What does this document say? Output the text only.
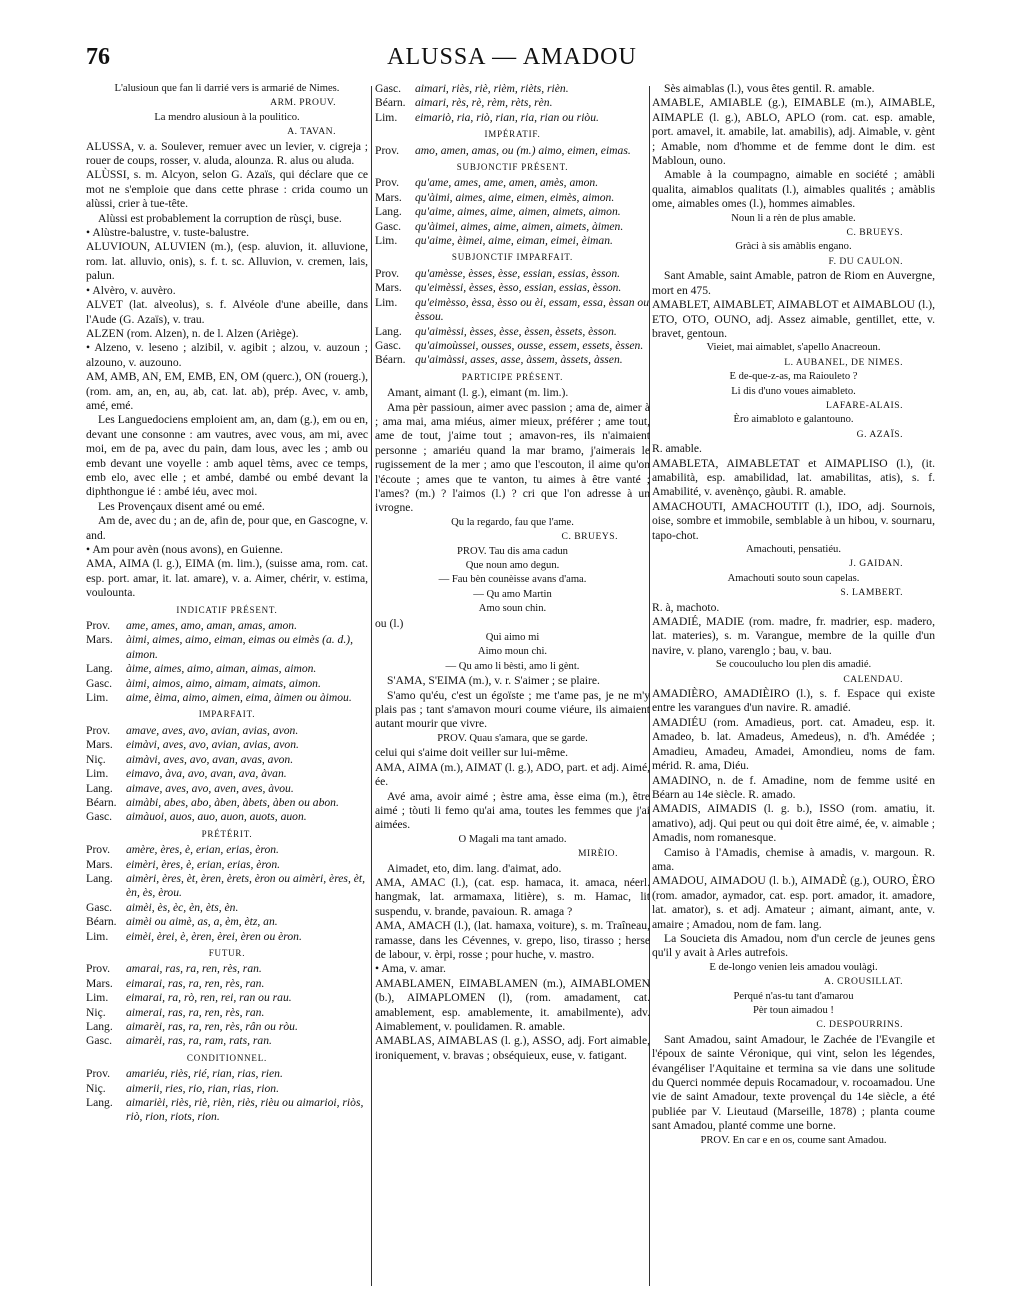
76	ALUSSA — AMADOU

L'alusioun que fan li darrié vers is armarié de Nimes.

ARM. PROUV.

La mendro alusioun à la poulitico.

A. TAVAN.

ALUSSA, v. a. Soulever, remuer avec un levier, v. cigreja ; rouer de coups, rosser, v. aluda, alounza. R. alus ou aluda.

ALÙSSI, s. m. Alcyon, selon G. Azaïs, qui déclare que ce mot ne s'emploie que dans cette phrase : crida coumo un alùssi, crier à tue-tête.

Alùssi est probablement la corruption de rùsçi, buse.

• Alùstre-balustre, v. tuste-balustre.

ALUVIOUN, ALUVIEN (m.), (esp. aluvion, it. alluvione, rom. lat. alluvio, onis), s. f. t. sc. Alluvion, v. cremen, lais, palun.

• Alvèro, v. auvèro.

ALVET (lat. alveolus), s. f. Alvéole d'une abeille, dans l'Aude (G. Azaïs), v. trau.

ALZEN (rom. Alzen), n. de l. Alzen (Ariège).

• Alzeno, v. leseno ; alzibil, v. agibit ; alzou, v. auzoun ; alzouno, v. auzouno.

AM, AMB, AN, EM, EMB, EN, OM (querc.), ON (rouerg.), (rom. am, an, en, au, ab, cat. lat. ab), prép. Avec, v. amb, amé, emé.

Les Languedociens emploient am, an, dam (g.), em ou en, devant une consonne : am vautres, avec vous, am mi, avec moi, em de pa, avec du pain, dam lous, avec les ; amb ou emb devant une voyelle : amb aquel tèms, avec ce temps, emb elo, avec elle ; et ambé, dambé ou embé devant la diphthongue ié : ambé iéu, avec moi.

Les Provençaux disent amé ou emé.

Am de, avec du ; an de, afin de, pour que, en Gascogne, v. and.

• Am pour avèn (nous avons), en Guienne.

AMA, AIMA (l. g.), EIMA (m. lim.), (suisse ama, rom. cat. esp. port. amar, it. lat. amare), v. a. Aimer, chérir, v. estima, voulounta.

INDICATIF PRÉSENT.

Prov.	ame, ames, amo, aman, amas, amon.
Mars.	àimi, aimes, aimo, eiman, eimas ou eimès (a. d.), aimon.
Lang.	àime, aimes, aimo, aiman, aimas, aimon.
Gasc.	àimi, aimos, aimo, aimam, aimats, aimon.
Lim.	aime, èima, aimo, aimen, eima, àimen ou àimou.

IMPARFAIT.

Prov.	amave, aves, avo, avian, avias, avon.
Mars.	eimàvi, aves, avo, avian, avias, avon.
Niç.	aimàvi, aves, avo, avan, avas, avon.
Lim.	eimavo, àva, avo, avan, ava, àvan.
Lang.	aimave, aves, avo, aven, aves, àvou.
Béarn. aimàbi, abes, abo, àben, àbets, àben ou abon.
Gasc.	aimàuoi, auos, auo, auon, auots, auon.

PRÉTÉRIT.

Prov.	amère, ères, è, erian, erias, èron.
Mars.	eimèri, ères, è, erian, erias, èron.
Lang.	aimèri, ères, èt, èren, èrets, èron ou aimèri, ères, èt, èn, ès, èrou.
Gasc.	aimèi, ès, èc, èn, èts, èn.
Béarn. aimèi ou aimè, as, a, èm, ètz, an.
Lim.	eimèi, èrei, è, èren, èrei, èren ou èron.

FUTUR.

Prov.	amarai, ras, ra, ren, rès, ran.
Mars.	eimarai, ras, ra, ren, rès, ran.
Lim.	eimarai, ra, rò, ren, rei, ran ou rau.
Niç.	aimerai, ras, ra, ren, rès, ran.
Lang.	aimarèi, ras, ra, ren, rès, rân ou ròu.
Gasc.	aimarèi, ras, ra, ram, rats, ran.

CONDITIONNEL.

Prov.	amariéu, riès, rié, rian, rias, rien.
Niç.	aimerii, ries, rio, rian, rias, rion.
Lang.	aimarièi, riès, riè, rièn, riès, rièu ou aimarioi, riòs, riò, rion, riots, rion.
Gasc.	aimari, riès, riè, rièm, rièts, rièn.
Béarn. aimari, rès, rè, rèm, rèts, rèn.
Lim.	eimariò, ria, riò, rian, ria, rian ou riòu.

IMPÉRATIF.

Prov.	amo, amen, amas, ou (m.) aimo, eimen, eimas.

SUBJONCTIF PRÉSENT.

Prov.	qu'ame, ames, ame, amen, amès, amon.
Mars.	qu'àimi, aimes, aime, eimen, eimès, aimon.
Lang.	qu'aime, aimes, aime, aimen, aimets, aimon.
Gasc.	qu'àimei, aimes, aime, aimen, aimets, àimen.
Lim.	qu'aime, èimei, aime, eiman, eimei, èiman.

SUBJONCTIF IMPARFAIT.

Prov.	qu'amèsse, èsses, èsse, essian, essias, èsson.
Mars.	qu'eimèssi, èsses, èsso, essian, essias, èsson.
Lim.	qu'eimèsso, èssa, èsso ou èi, essam, essa, èssan ou èssou.
Lang.	qu'aimèssi, èsses, èsse, èssen, èssets, èsson.
Gasc.	qu'aimoùssei, ousses, ousse, essem, essets, èssen.
Béarn. qu'aimàssi, asses, asse, àssem, àssets, àssen.

PARTICIPE PRÉSENT.

Amant, aimant (l. g.), eimant (m. lim.).

Ama pèr passioun, aimer avec passion ; ama de, aimer à ; ama mai, ama miéus, aimer mieux, préférer ; ame tout, ame de tout, j'aime tout ; amavon-res, ils n'aimaient personne ; amariéu quand la mar bramo, j'aimerais le rugissement de la mer ; amo que l'escouton, il aime qu'on l'écoute ; ames que te vanton, tu aimes à être vanté ; l'ames? (m.) ? l'aimos (l.) ? cri que l'on adresse à un ivrogne.

Qu la regardo, fau que l'ame.

C. BRUEYS.

PROV. Tau dis ama cadun

Que noun amo degun.

— Fau bèn counèisse avans d'ama.

— Qu amo Martin

Amo soun chin.

ou (l.)

Qui aimo mi

Aimo moun chi.

— Qu amo li bèsti, amo li gènt.

S'AMA, S'EIMA (m.), v. r. S'aimer ; se plaire.

S'amo qu'éu, c'est un égoïste ; me t'ame pas, je ne m'y plais pas ; tant s'amavon mouri coume viéure, ils aimaient autant mourir que vivre.

PROV. Quau s'amara, que se garde.

celui qui s'aime doit veiller sur lui-même.

AMA, AIMA (m.), AIMAT (l. g.), ADO, part. et adj. Aimé, ée.

Avé ama, avoir aimé ; èstre ama, èsse eima (m.), être aimé ; tòuti li femo qu'ai ama, toutes les femmes que j'ai aimées.

O Magali ma tant amado.

MIRÈIO.

Aimadet, eto, dim. lang. d'aimat, ado.

AMA, AMAC (l.), (cat. esp. hamaca, it. amaca, néerl. hangmak, lat. armamaxa, litière), s. m. Hamac, lit suspendu, v. brande, pavaioun. R. amaga ?

AMA, AMACH (l.), (lat. hamaxa, voiture), s. m. Traîneau, ramasse, dans les Cévennes, v. grepo, liso, tirasso ; herse de labour, v. èrpi, rosse ; pour huche, v. mastro.

• Ama, v. amar.

AMABLAMEN, EIMABLAMEN (m.), AIMABLOMEN (b.), AIMAPLOMEN (l), (rom. amadament, cat. amablement, esp. amablemente, it. amabilmente), adv. Aimablement, v. poulidamen. R. amable.

AMABLAS, AIMABLAS (l. g.), ASSO, adj. Fort aimable, ironiquement, v. bravas ; obséquieux, euse, v. fatigant.

Sès aimablas (l.), vous êtes gentil. R. amable.

AMABLE, AMIABLE (g.), EIMABLE (m.), AIMABLE, AIMAPLE (l. g.), ABLO, APLO (rom. cat. esp. amable, port. amavel, it. amabile, lat. amabilis), adj. Aimable, v. gènt ; Amable, nom d'homme et de femme dont le dim. est Mabloun, ouno.

Amable à la coumpagno, aimable en société ; amàbli qualita, aimablos qualitats (l.), aimables qualités ; amàblis ome, aimables omes (l.), hommes aimables.

Noun li a rèn de plus amable.

C. BRUEYS.

Gràci à sis amàblis engano.

F. DU CAULON.

Sant Amable, saint Amable, patron de Riom en Auvergne, mort en 475.

AMABLET, AIMABLET, AIMABLOT et AIMABLOU (l.), ETO, OTO, OUNO, adj. Assez aimable, gentillet, ette, v. bravet, gentoun.

Vieiet, mai aimablet, s'apello Anacreoun.

L. AUBANEL, DE NIMES.

E de-que-z-as, ma Raiouleto ?

Li dis d'uno voues aimableto.

LAFARE-ALAIS.

Èro aimabloto e galantouno.

G. AZAÏS.

R. amable.

AMABLETA, AIMABLETAT et AIMAPLISO (l.), (it. amabilità, esp. amabilidad, lat. amabilitas, atis), s. f. Amabilité, v. avenènço, gàubi. R. amable.

AMACHOUTI, AMACHOUTIT (l.), IDO, adj. Sournois, oise, sombre et immobile, semblable à un hibou, v. sournaru, tapo-chot.

Amachouti, pensatiéu.

J. GAIDAN.

Amachouti souto soun capelas.

S. LAMBERT.

R. à, machoto.

AMADIÉ, MADIE (rom. madre, fr. madrier, esp. madero, lat. materies), s. m. Varangue, membre de la quille d'un navire, v. plano, varenglo ; bau, v. bau.

Se coucoulucho lou plen dis amadié.

CALENDAU.

AMADIÈRO, AMADIÈIRO (l.), s. f. Espace qui existe entre les varangues d'un navire. R. amadié.

AMADIÉU (rom. Amadieus, port. cat. Amadeu, esp. it. Amadeo, b. lat. Amadeus, Amedeus), n. d'h. Amédée ; Amadieu, Amadeu, Amadei, Amondieu, noms de fam. mérid. R. ama, Diéu.

AMADINO, n. de f. Amadine, nom de femme usité en Béarn au 14e siècle. R. amado.

AMADIS, AIMADIS (l. g. b.), ISSO (rom. amatiu, it. amativo), adj. Qui peut ou qui doit être aimé, ée, v. aimable ; Amadis, nom romanesque.

Camiso à l'Amadis, chemise à amadis, v. margoun. R. ama.

AMADOU, AIMADOU (l. b.), AIMADÈ (g.), OURO, ÈRO (rom. amador, aymador, cat. esp. port. amador, it. amadore, lat. amator), s. et adj. Amateur ; aimant, aimant, ante, v. amaire ; Amadou, nom de fam. lang.

La Soucieta dis Amadou, nom d'un cercle de jeunes gens qu'il y avait à Arles autrefois.

E de-longo venien leis amadou voulàgi.

A. CROUSILLAT.

Perqué n'as-tu tant d'amarou

Pèr toun aimadou !

C. DESPOURRINS.

Sant Amadou, saint Amadour, le Zachée de l'Evangile et l'époux de sainte Véronique, qui vint, selon les légendes, évangéliser l'Aquitaine et termina sa vie dans une solitude du Querci nommée depuis Rocamadour, v. rocoamadou. Une vie de saint Amadour, texte provençal du 14e siècle, a été publiée par V. Lieutaud (Marseille, 1878) ; planta coume sant Amadou, planté comme une borne.

PROV. En car e en os, coume sant Amadou.
